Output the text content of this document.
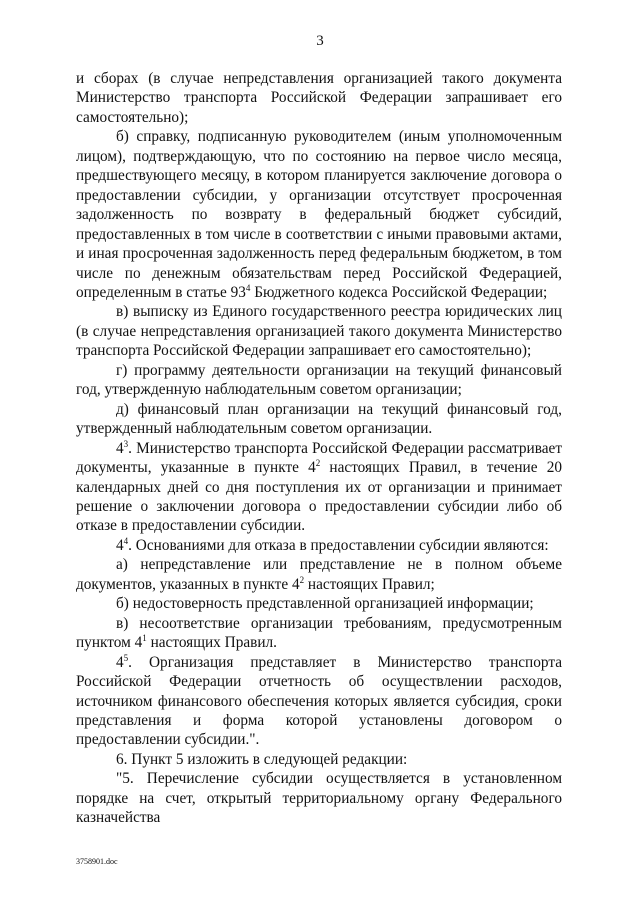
3

и сборах (в случае непредставления организацией такого документа Министерство транспорта Российской Федерации запрашивает его самостоятельно);

б) справку, подписанную руководителем (иным уполномоченным лицом), подтверждающую, что по состоянию на первое число месяца, предшествующего месяцу, в котором планируется заключение договора о предоставлении субсидии, у организации отсутствует просроченная задолженность по возврату в федеральный бюджет субсидий, предоставленных в том числе в соответствии с иными правовыми актами, и иная просроченная задолженность перед федеральным бюджетом, в том числе по денежным обязательствам перед Российской Федерацией, определенным в статье $93^4$ Бюджетного кодекса Российской Федерации;

в) выписку из Единого государственного реестра юридических лиц (в случае непредставления организацией такого документа Министерство транспорта Российской Федерации запрашивает его самостоятельно);

г) программу деятельности организации на текущий финансовый год, утвержденную наблюдательным советом организации;

д) финансовый план организации на текущий финансовый год, утвержденный наблюдательным советом организации.

$4^3$. Министерство транспорта Российской Федерации рассматривает документы, указанные в пункте $4^2$ настоящих Правил, в течение 20 календарных дней со дня поступления их от организации и принимает решение о заключении договора о предоставлении субсидии либо об отказе в предоставлении субсидии.

$4^4$. Основаниями для отказа в предоставлении субсидии являются:

а) непредставление или представление не в полном объеме документов, указанных в пункте $4^2$ настоящих Правил;

б) недостоверность представленной организацией информации;

в) несоответствие организации требованиям, предусмотренным пунктом $4^1$ настоящих Правил.

$4^5$. Организация представляет в Министерство транспорта Российской Федерации отчетность об осуществлении расходов, источником финансового обеспечения которых является субсидия, сроки представления и форма которой установлены договором о предоставлении субсидии.".

6. Пункт 5 изложить в следующей редакции:

"5. Перечисление субсидии осуществляется в установленном порядке на счет, открытый территориальному органу Федерального казначейства

3758901.doc
